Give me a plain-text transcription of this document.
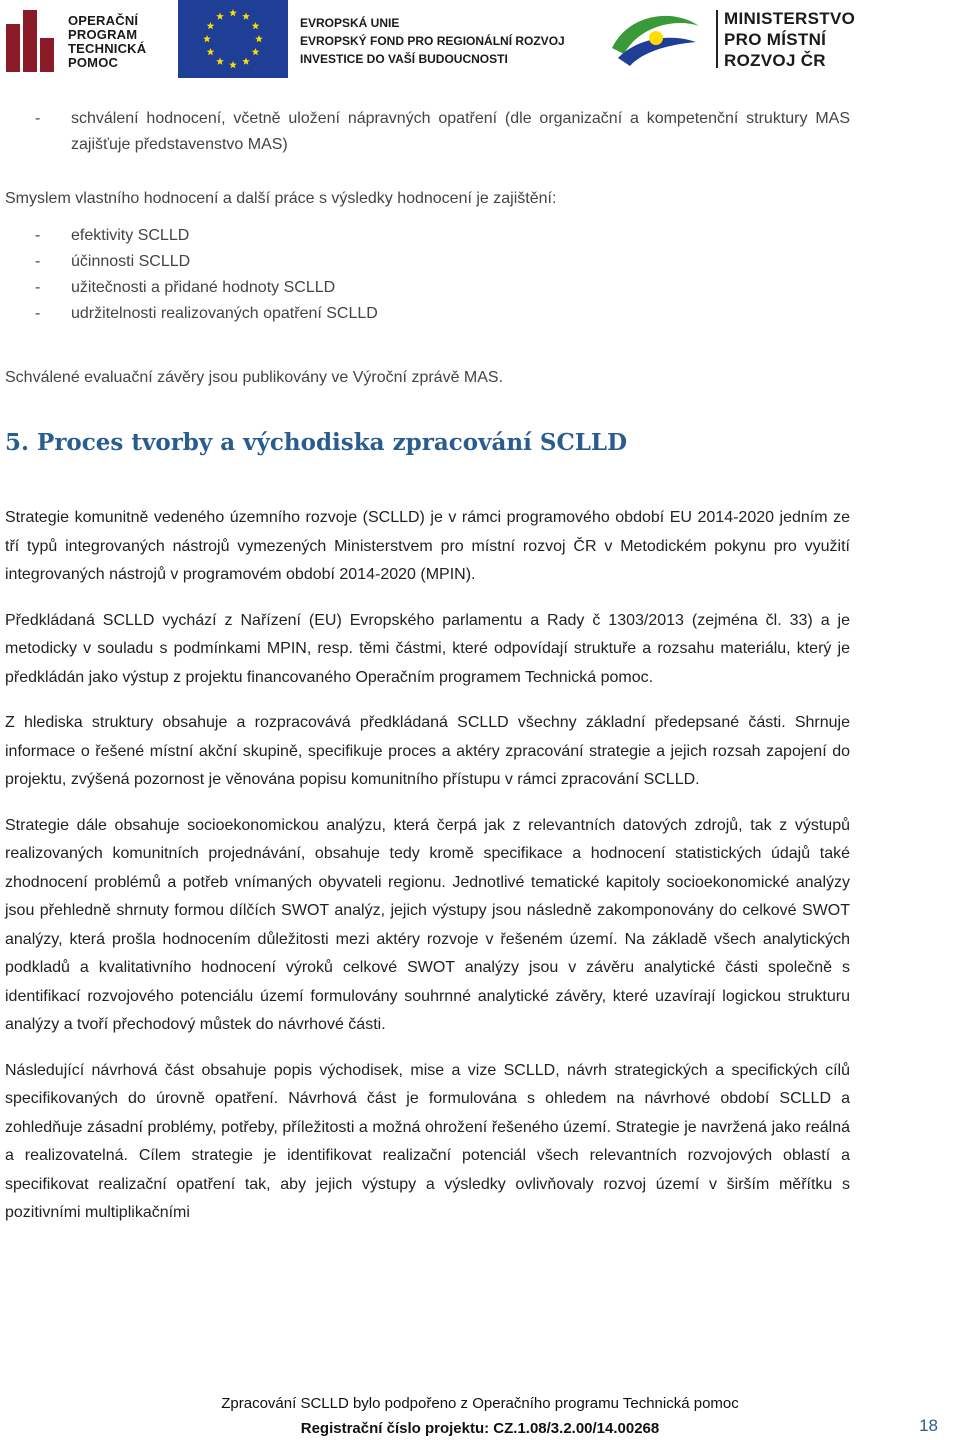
OPERAČNÍ
PROGRAM
TECHNICKÁ
POMOC
EVROPSKÁ UNIE
EVROPSKÝ FOND PRO REGIONÁLNÍ ROZVOJ
INVESTICE DO VAŠÍ BUDOUCNOSTI
MINISTERSTVO
PRO MÍSTNÍ
ROZVOJ ČR

- schválení hodnocení, včetně uložení nápravných opatření (dle organizační a kompetenční struktury MAS zajišťuje představenstvo MAS)

Smyslem vlastního hodnocení a další práce s výsledky hodnocení je zajištění:

- efektivity SCLLD

- účinnosti SCLLD

- užitečnosti a přidané hodnoty SCLLD

- udržitelnosti realizovaných opatření SCLLD

Schválené evaluační závěry jsou publikovány ve Výroční zprávě MAS.

5. Proces tvorby a východiska zpracování SCLLD

Strategie komunitně vedeného územního rozvoje (SCLLD) je v rámci programového období EU 2014-2020 jedním ze tří typů integrovaných nástrojů vymezených Ministerstvem pro místní rozvoj ČR v Metodickém pokynu pro využití integrovaných nástrojů v programovém období 2014-2020 (MPIN).

Předkládaná SCLLD vychází z Nařízení (EU) Evropského parlamentu a Rady č 1303/2013 (zejména čl. 33) a je metodicky v souladu s podmínkami MPIN, resp. těmi částmi, které odpovídají struktuře a rozsahu materiálu, který je předkládán jako výstup z projektu financovaného Operačním programem Technická pomoc.

Z hlediska struktury obsahuje a rozpracovává předkládaná SCLLD všechny základní předepsané části. Shrnuje informace o řešené místní akční skupině, specifikuje proces a aktéry zpracování strategie a jejich rozsah zapojení do projektu, zvýšená pozornost je věnována popisu komunitního přístupu v rámci zpracování SCLLD.

Strategie dále obsahuje socioekonomickou analýzu, která čerpá jak z relevantních datových zdrojů, tak z výstupů realizovaných komunitních projednávání, obsahuje tedy kromě specifikace a hodnocení statistických údajů také zhodnocení problémů a potřeb vnímaných obyvateli regionu. Jednotlivé tematické kapitoly socioekonomické analýzy jsou přehledně shrnuty formou dílčích SWOT analýz, jejich výstupy jsou následně zakomponovány do celkové SWOT analýzy, která prošla hodnocením důležitosti mezi aktéry rozvoje v řešeném území. Na základě všech analytických podkladů a kvalitativního hodnocení výroků celkové SWOT analýzy jsou v závěru analytické části společně s identifikací rozvojového potenciálu území formulovány souhrnné analytické závěry, které uzavírají logickou strukturu analýzy a tvoří přechodový můstek do návrhové části.

Následující návrhová část obsahuje popis východisek, mise a vize SCLLD, návrh strategických a specifických cílů specifikovaných do úrovně opatření. Návrhová část je formulována s ohledem na návrhové období SCLLD a zohledňuje zásadní problémy, potřeby, příležitosti a možná ohrožení řešeného území. Strategie je navržená jako reálná a realizovatelná. Cílem strategie je identifikovat realizační potenciál všech relevantních rozvojových oblastí a specifikovat realizační opatření tak, aby jejich výstupy a výsledky ovlivňovaly rozvoj území v širším měřítku s pozitivními multiplikačními

Zpracování SCLLD bylo podpořeno z Operačního programu Technická pomoc
Registrační číslo projektu: CZ.1.08/3.2.00/14.00268	18
